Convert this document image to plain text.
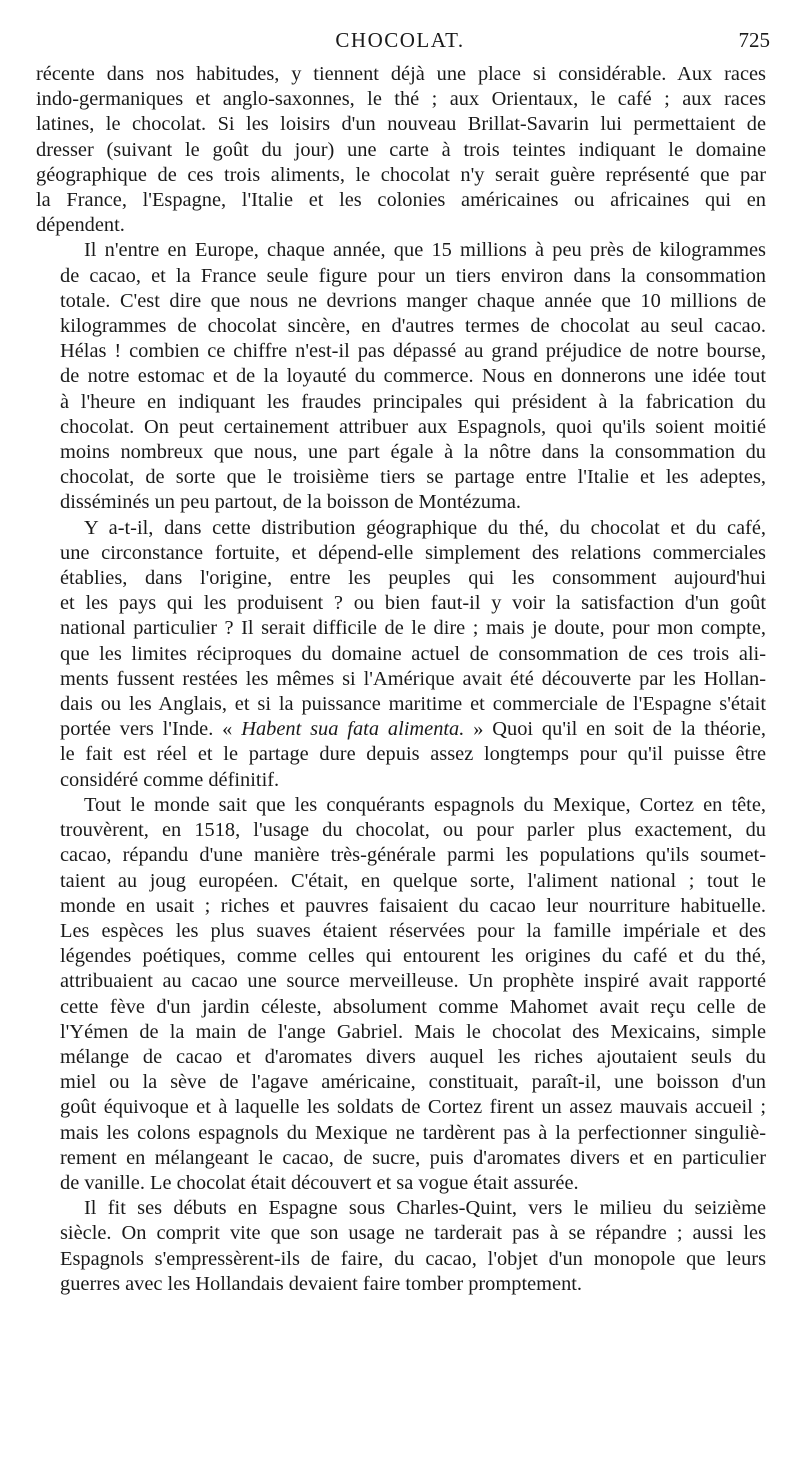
CHOCOLAT.	725
récente dans nos habitudes, y tiennent déjà une place si considérable. Aux races
indo-germaniques et anglo-saxonnes, le thé ; aux Orientaux, le café ; aux races
latines, le chocolat. Si les loisirs d'un nouveau Brillat-Savarin lui permettaient de
dresser (suivant le goût du jour) une carte à trois teintes indiquant le domaine
géographique de ces trois aliments, le chocolat n'y serait guère représenté que par
la France, l'Espagne, l'Italie et les colonies américaines ou africaines qui en
dépendent.
Il n'entre en Europe, chaque année, que 15 millions à peu près de kilogrammes
de cacao, et la France seule figure pour un tiers environ dans la consommation
totale. C'est dire que nous ne devrions manger chaque année que 10 millions de
kilogrammes de chocolat sincère, en d'autres termes de chocolat au seul cacao.
Hélas ! combien ce chiffre n'est-il pas dépassé au grand préjudice de notre bourse,
de notre estomac et de la loyauté du commerce. Nous en donnerons une idée tout
à l'heure en indiquant les fraudes principales qui président à la fabrication du
chocolat. On peut certainement attribuer aux Espagnols, quoi qu'ils soient moitié
moins nombreux que nous, une part égale à la nôtre dans la consommation du
chocolat, de sorte que le troisième tiers se partage entre l'Italie et les adeptes,
disséminés un peu partout, de la boisson de Montézuma.
Y a-t-il, dans cette distribution géographique du thé, du chocolat et du café,
une circonstance fortuite, et dépend-elle simplement des relations commerciales
établies, dans l'origine, entre les peuples qui les consomment aujourd'hui
et les pays qui les produisent ? ou bien faut-il y voir la satisfaction d'un goût
national particulier ? Il serait difficile de le dire ; mais je doute, pour mon compte,
que les limites réciproques du domaine actuel de consommation de ces trois ali-
ments fussent restées les mêmes si l'Amérique avait été découverte par les Hollan-
dais ou les Anglais, et si la puissance maritime et commerciale de l'Espagne s'était
portée vers l'Inde. « Habent sua fata alimenta. » Quoi qu'il en soit de la théorie,
le fait est réel et le partage dure depuis assez longtemps pour qu'il puisse être
considéré comme définitif.
Tout le monde sait que les conquérants espagnols du Mexique, Cortez en tête,
trouvèrent, en 1518, l'usage du chocolat, ou pour parler plus exactement, du
cacao, répandu d'une manière très-générale parmi les populations qu'ils soumet-
taient au joug européen. C'était, en quelque sorte, l'aliment national ; tout le
monde en usait ; riches et pauvres faisaient du cacao leur nourriture habituelle.
Les espèces les plus suaves étaient réservées pour la famille impériale et des
légendes poétiques, comme celles qui entourent les origines du café et du thé,
attribuaient au cacao une source merveilleuse. Un prophète inspiré avait rapporté
cette fève d'un jardin céleste, absolument comme Mahomet avait reçu celle de
l'Yémen de la main de l'ange Gabriel. Mais le chocolat des Mexicains, simple
mélange de cacao et d'aromates divers auquel les riches ajoutaient seuls du
miel ou la sève de l'agave américaine, constituait, paraît-il, une boisson d'un
goût équivoque et à laquelle les soldats de Cortez firent un assez mauvais accueil ;
mais les colons espagnols du Mexique ne tardèrent pas à la perfectionner singuliè-
rement en mélangeant le cacao, de sucre, puis d'aromates divers et en particulier
de vanille. Le chocolat était découvert et sa vogue était assurée.
Il fit ses débuts en Espagne sous Charles-Quint, vers le milieu du seizième
siècle. On comprit vite que son usage ne tarderait pas à se répandre ; aussi les
Espagnols s'empressèrent-ils de faire, du cacao, l'objet d'un monopole que leurs
guerres avec les Hollandais devaient faire tomber promptement.
